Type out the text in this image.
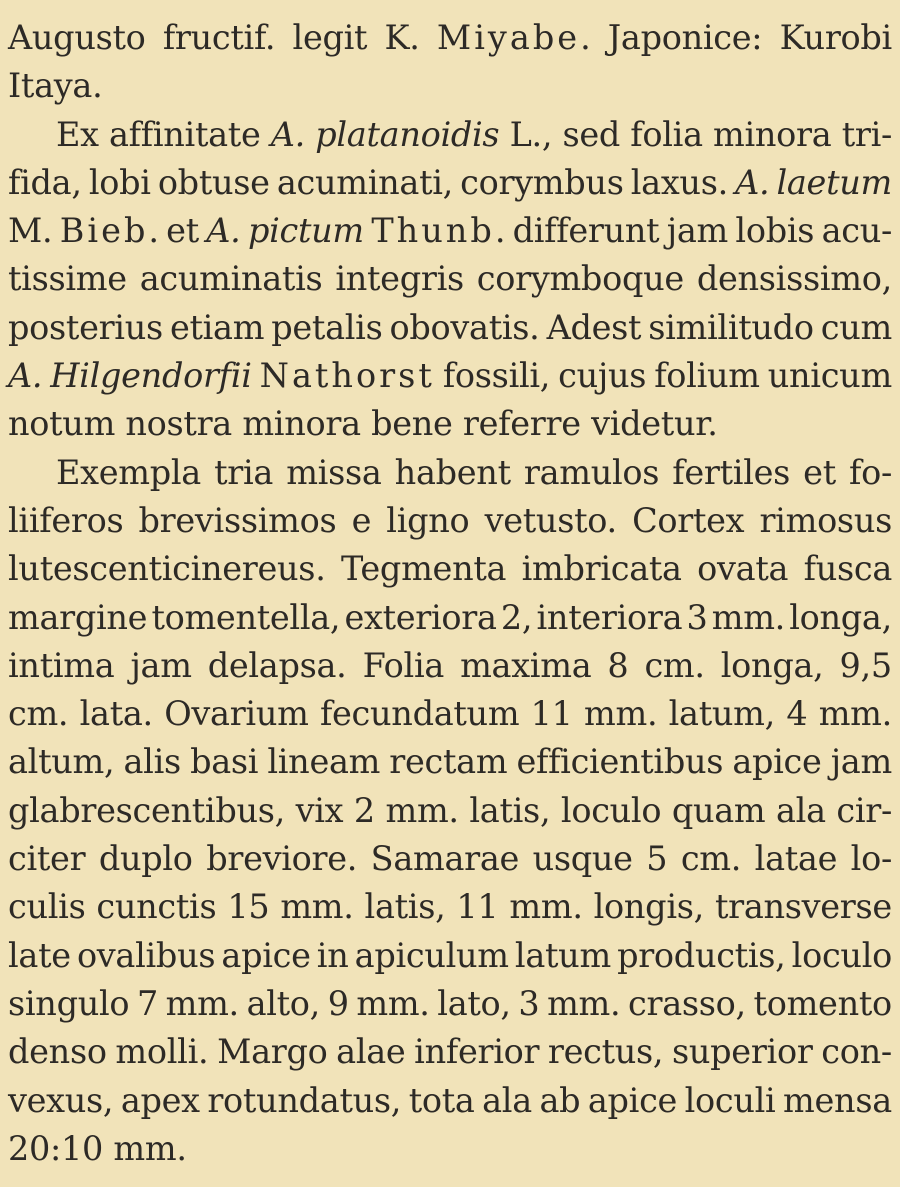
Augusto fructif. legit K. Miyabe. Japonice: Kurobi
Itaya.
Ex affinitate A. platanoidis L., sed folia minora tri-
fida, lobi obtuse acuminati, corymbus laxus. A. laetum
M. Bieb. et A. pictum Thunb. differunt jam lobis acu-
tissime acuminatis integris corymboque densissimo,
posterius etiam petalis obovatis. Adest similitudo cum
A. Hilgendorfii Nathorst fossili, cujus folium unicum
notum nostra minora bene referre videtur.
Exempla tria missa habent ramulos fertiles et fo-
liiferos brevissimos e ligno vetusto. Cortex rimosus
lutescenticinereus. Tegmenta imbricata ovata fusca
margine tomentella, exteriora 2, interiora 3 mm. longa,
intima jam delapsa. Folia maxima 8 cm. longa, 9,5
cm. lata. Ovarium fecundatum 11 mm. latum, 4 mm.
altum, alis basi lineam rectam efficientibus apice jam
glabrescentibus, vix 2 mm. latis, loculo quam ala cir-
citer duplo breviore. Samarae usque 5 cm. latae lo-
culis cunctis 15 mm. latis, 11 mm. longis, transverse
late ovalibus apice in apiculum latum productis, loculo
singulo 7 mm. alto, 9 mm. lato, 3 mm. crasso, tomento
denso molli. Margo alae inferior rectus, superior con-
vexus, apex rotundatus, tota ala ab apice loculi mensa
20:10 mm.
